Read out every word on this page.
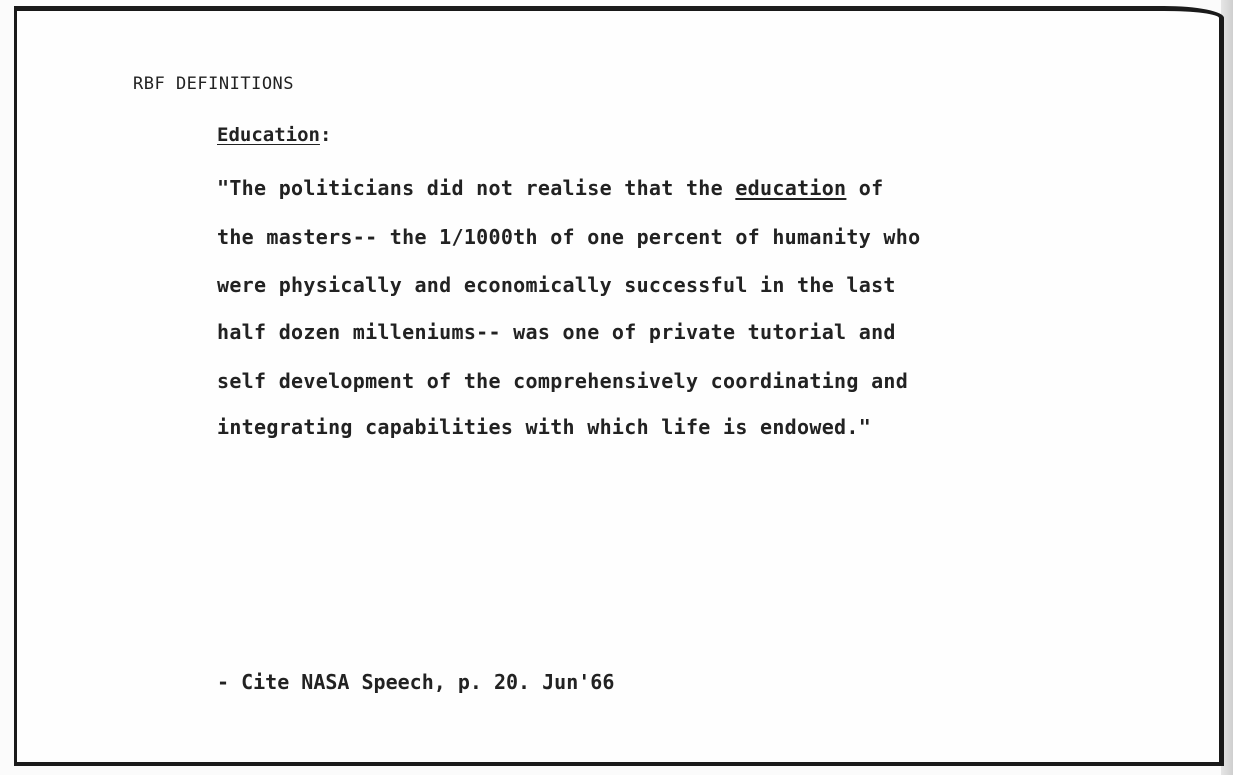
RBF DEFINITIONS
Education:
"The politicians did not realise that the education of
the masters-- the 1/1000th of one percent of humanity who
were physically and economically successful in the last
half dozen milleniums-- was one of private tutorial and
self development of the comprehensively coordinating and
integrating capabilities with which life is endowed."
- Cite NASA Speech, p. 20. Jun'66
